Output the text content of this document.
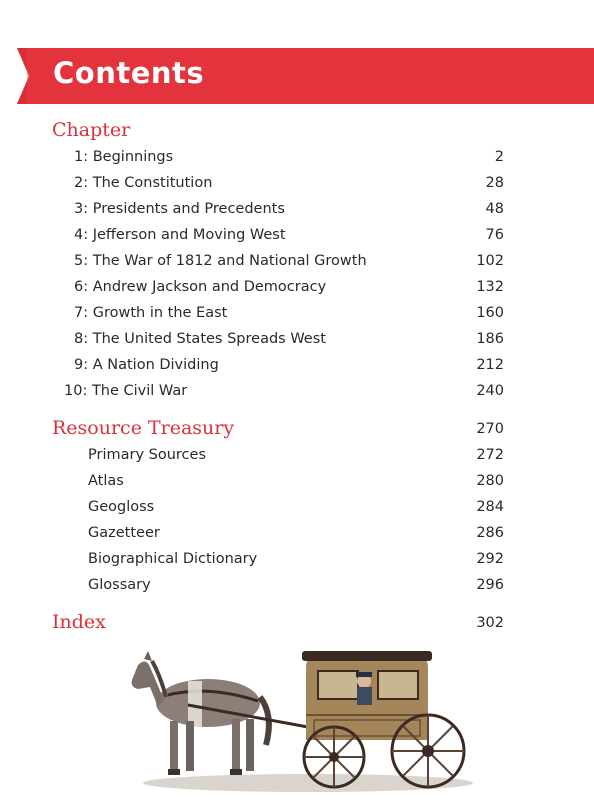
Contents
Chapter
1: Beginnings	2
2: The Constitution	28
3: Presidents and Precedents	48
4: Jefferson and Moving West	76
5: The War of 1812 and National Growth	102
6: Andrew Jackson and Democracy	132
7: Growth in the East	160
8: The United States Spreads West	186
9: A Nation Dividing	212
10: The Civil War	240
Resource Treasury	270
Primary Sources	272
Atlas	280
Geogloss	284
Gazetteer	286
Biographical Dictionary	292
Glossary	296
Index	302
